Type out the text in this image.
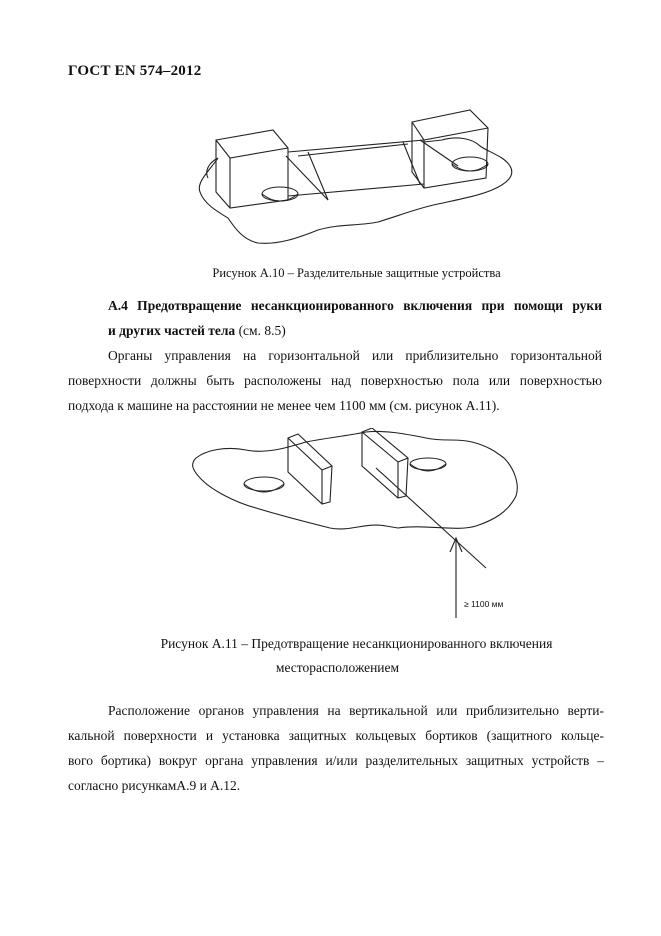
ГОСТ EN 574–2012
Рисунок А.10 – Разделительные защитные устройства
А.4 Предотвращение несанкционированного включения при помощи руки
и других частей тела (см. 8.5)
Органы управления на горизонтальной или приблизительно горизонтальной
поверхности должны быть расположены над поверхностью пола или поверхностью
подхода к машине на расстоянии не менее чем 1100 мм (см. рисунок А.11).
≥ 1100 мм
Рисунок А.11 – Предотвращение несанкционированного включения
месторасположением
Расположение органов управления на вертикальной или приблизительно верти-
кальной поверхности и установка защитных кольцевых бортиков (защитного кольце-
вого бортика) вокруг органа управления и/или разделительных защитных устройств –
согласно рисункамА.9 и А.12.
